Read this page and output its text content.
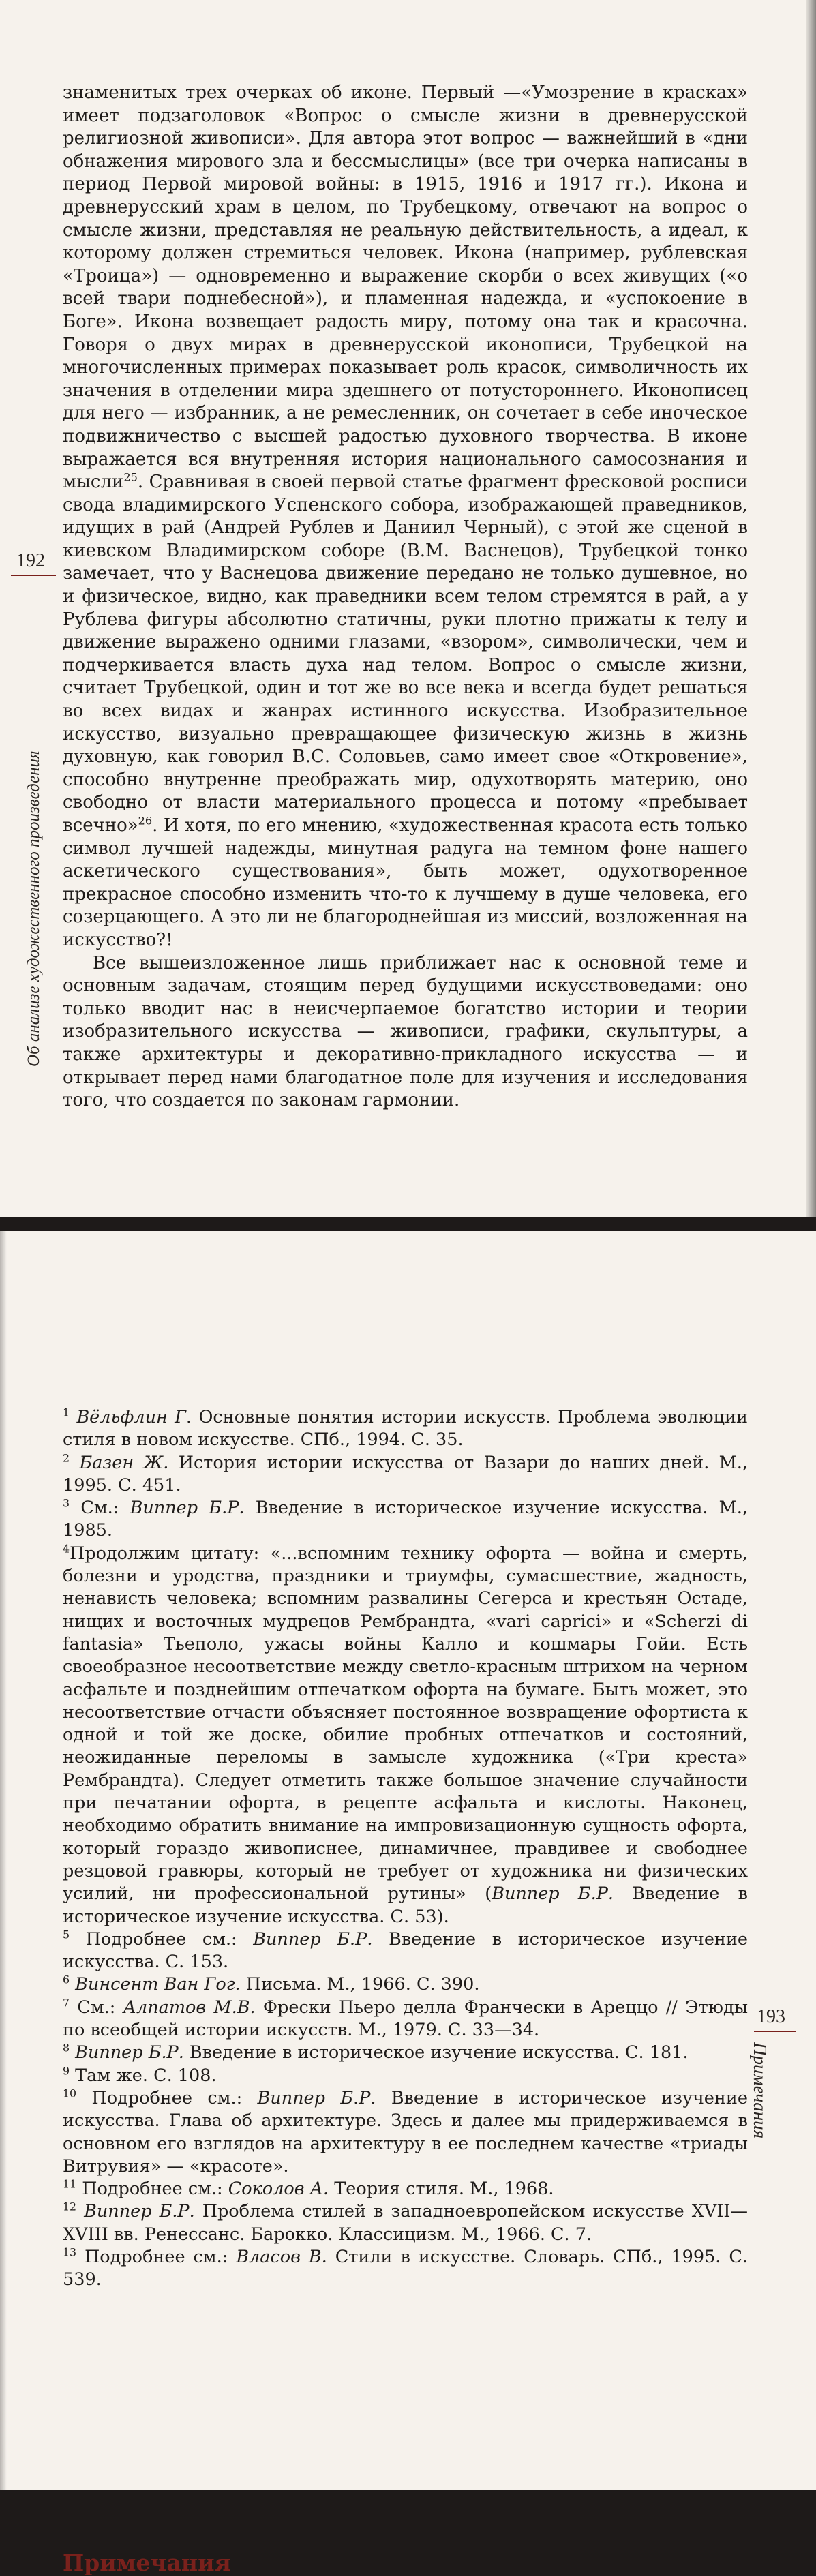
192
Об анализе художественного произведения

знаменитых трех очерках об иконе. Первый —«Умозрение в красках» имеет подзаголовок «Вопрос о смысле жизни в древнерусской религиозной живописи». Для автора этот вопрос — важнейший в «дни обнажения мирового зла и бессмыслицы» (все три очерка написаны в период Первой мировой войны: в 1915, 1916 и 1917 гг.). Икона и древнерусский храм в целом, по Трубецкому, отвечают на вопрос о смысле жизни, представляя не реальную действительность, а идеал, к которому должен стремиться человек. Икона (например, рублевская «Троица») — одновременно и выражение скорби о всех живущих («о всей твари поднебесной»), и пламенная надежда, и «успокоение в Боге». Икона возвещает радость миру, потому она так и красочна. Говоря о двух мирах в древнерусской иконописи, Трубецкой на многочисленных примерах показывает роль красок, символичность их значения в отделении мира здешнего от потустороннего. Иконописец для него — избранник, а не ремесленник, он сочетает в себе иноческое подвижничество с высшей радостью духовного творчества. В иконе выражается вся внутренняя история национального самосознания и мысли$^{25}$. Сравнивая в своей первой статье фрагмент фресковой росписи свода владимирского Успенского собора, изображающей праведников, идущих в рай (Андрей Рублев и Даниил Черный), с этой же сценой в киевском Владимирском соборе (В.М. Васнецов), Трубецкой тонко замечает, что у Васнецова движение передано не только душевное, но и физическое, видно, как праведники всем телом стремятся в рай, а у Рублева фигуры абсолютно статичны, руки плотно прижаты к телу и движение выражено одними глазами, «взором», символически, чем и подчеркивается власть духа над телом. Вопрос о смысле жизни, считает Трубецкой, один и тот же во все века и всегда будет решаться во всех видах и жанрах истинного искусства. Изобразительное искусство, визуально превращающее физическую жизнь в жизнь духовную, как говорил В.С. Соловьев, само имеет свое «Откровение», способно внутренне преображать мир, одухотворять материю, оно свободно от власти материального процесса и потому «пребывает всечно»$^{26}$. И хотя, по его мнению, «художественная красота есть только символ лучшей надежды, минутная радуга на темном фоне нашего аскетического существования», быть может, одухотворенное прекрасное способно изменить что-то к лучшему в душе человека, его созерцающего. А это ли не благороднейшая из миссий, возложенная на искусство?!

Все вышеизложенное лишь приближает нас к основной теме и основным задачам, стоящим перед будущими искусствоведами: оно только вводит нас в неисчерпаемое богатство истории и теории изобразительного искусства — живописи, графики, скульптуры, а также архитектуры и декоративно-прикладного искусства — и открывает перед нами благодатное поле для изучения и исследования того, что создается по законам гармонии.

Примечания
193
Примечания

$^1$ Вёльфлин Г. Основные понятия истории искусств. Проблема эволюции стиля в новом искусстве. СПб., 1994. С. 35.

$^2$ Базен Ж. История истории искусства от Вазари до наших дней. М., 1995. С. 451.

$^3$ См.: Виппер Б.Р. Введение в историческое изучение искусства. М., 1985.

$^4$Продолжим цитату: «...вспомним технику офорта — война и смерть, болезни и уродства, праздники и триумфы, сумасшествие, жадность, ненависть человека; вспомним развалины Сегерса и крестьян Остаде, нищих и восточных мудрецов Рембрандта, «vari caprici» и «Scherzi di fantasia» Тьеполо, ужасы войны Калло и кошмары Гойи. Есть своеобразное несоответствие между светло-красным штрихом на черном асфальте и позднейшим отпечатком офорта на бумаге. Быть может, это несоответствие отчасти объясняет постоянное возвращение офортиста к одной и той же доске, обилие пробных отпечатков и состояний, неожиданные переломы в замысле художника («Три креста» Рембрандта). Следует отметить также большое значение случайности при печатании офорта, в рецепте асфальта и кислоты. Наконец, необходимо обратить внимание на импровизационную сущность офорта, который гораздо живописнее, динамичнее, правдивее и свободнее резцовой гравюры, который не требует от художника ни физических усилий, ни профессиональной рутины» (Виппер Б.Р. Введение в историческое изучение искусства. С. 53).

$^5$ Подробнее см.: Виппер Б.Р. Введение в историческое изучение искусства. С. 153.

$^6$ Винсент Ван Гог. Письма. М., 1966. С. 390.

$^7$ См.: Алпатов М.В. Фрески Пьеро делла Франчески в Ареццо // Этюды по всеобщей истории искусств. М., 1979. С. 33—34.

$^8$ Виппер Б.Р. Введение в историческое изучение искусства. С. 181.

$^9$ Там же. С. 108.

$^{10}$ Подробнее см.: Виппер Б.Р. Введение в историческое изучение искусства. Глава об архитектуре. Здесь и далее мы придерживаемся в основном его взглядов на архитектуру в ее последнем качестве «триады Витрувия» — «красоте».

$^{11}$ Подробнее см.: Соколов А. Теория стиля. М., 1968.

$^{12}$ Виппер Б.Р. Проблема стилей в западноевропейском искусстве XVII—XVIII вв. Ренессанс. Барокко. Классицизм. М., 1966. С. 7.

$^{13}$ Подробнее см.: Власов В. Стили в искусстве. Словарь. СПб., 1995. С. 539.
